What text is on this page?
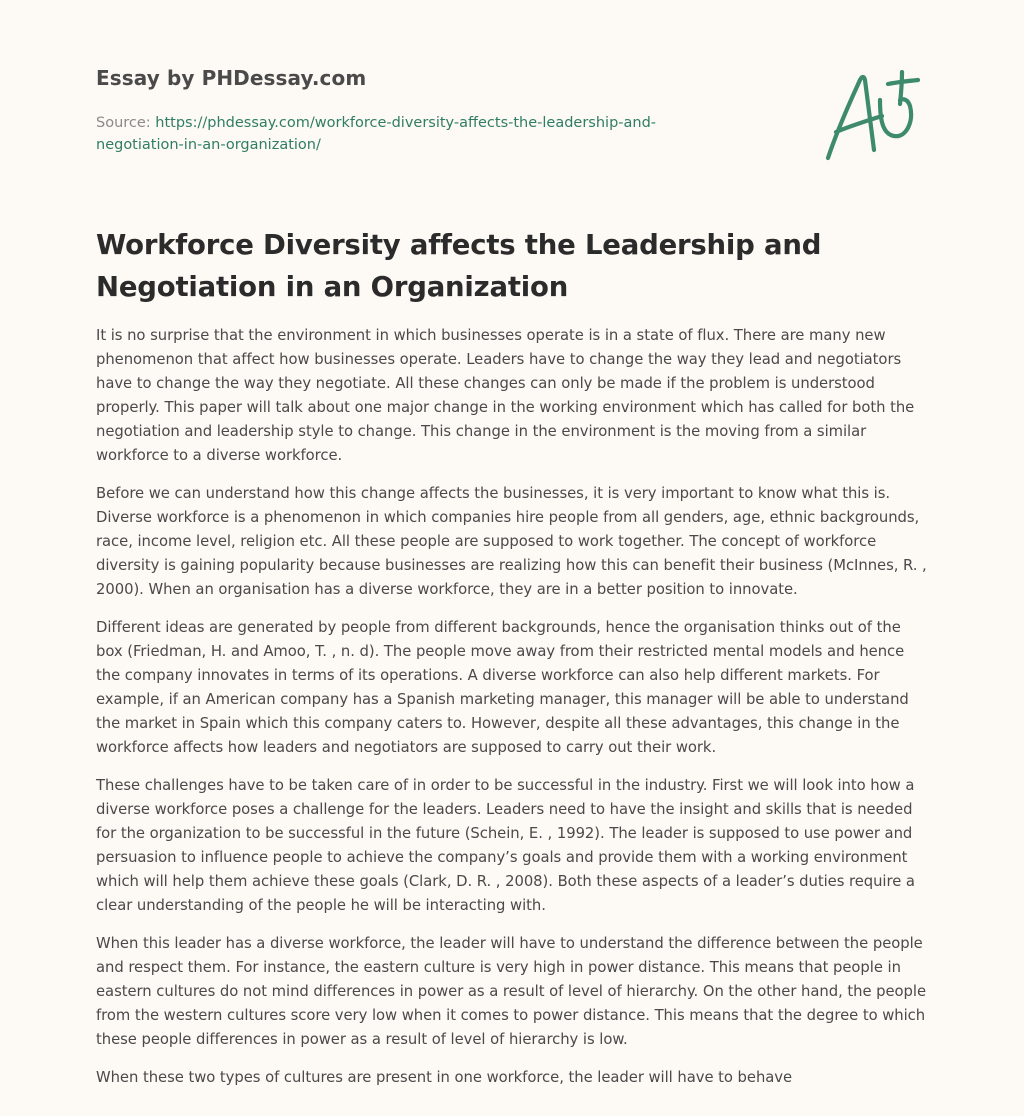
Essay by PHDessay.com
Source: https://phdessay.com/workforce-diversity-affects-the-leadership-and-negotiation-in-an-organization/
Workforce Diversity affects the Leadership and Negotiation in an Organization

It is no surprise that the environment in which businesses operate is in a state of flux. There are many new phenomenon that affect how businesses operate. Leaders have to change the way they lead and negotiators have to change the way they negotiate. All these changes can only be made if the problem is understood properly. This paper will talk about one major change in the working environment which has called for both the negotiation and leadership style to change. This change in the environment is the moving from a similar workforce to a diverse workforce.

Before we can understand how this change affects the businesses, it is very important to know what this is. Diverse workforce is a phenomenon in which companies hire people from all genders, age, ethnic backgrounds, race, income level, religion etc. All these people are supposed to work together. The concept of workforce diversity is gaining popularity because businesses are realizing how this can benefit their business (McInnes, R. , 2000). When an organisation has a diverse workforce, they are in a better position to innovate.

Different ideas are generated by people from different backgrounds, hence the organisation thinks out of the box (Friedman, H. and Amoo, T. , n. d). The people move away from their restricted mental models and hence the company innovates in terms of its operations. A diverse workforce can also help different markets. For example, if an American company has a Spanish marketing manager, this manager will be able to understand the market in Spain which this company caters to. However, despite all these advantages, this change in the workforce affects how leaders and negotiators are supposed to carry out their work.

These challenges have to be taken care of in order to be successful in the industry. First we will look into how a diverse workforce poses a challenge for the leaders. Leaders need to have the insight and skills that is needed for the organization to be successful in the future (Schein, E. , 1992). The leader is supposed to use power and persuasion to influence people to achieve the company’s goals and provide them with a working environment which will help them achieve these goals (Clark, D. R. , 2008). Both these aspects of a leader’s duties require a clear understanding of the people he will be interacting with.

When this leader has a diverse workforce, the leader will have to understand the difference between the people and respect them. For instance, the eastern culture is very high in power distance. This means that people in eastern cultures do not mind differences in power as a result of level of hierarchy. On the other hand, the people from the western cultures score very low when it comes to power distance. This means that the degree to which these people differences in power as a result of level of hierarchy is low.

When these two types of cultures are present in one workforce, the leader will have to behave
